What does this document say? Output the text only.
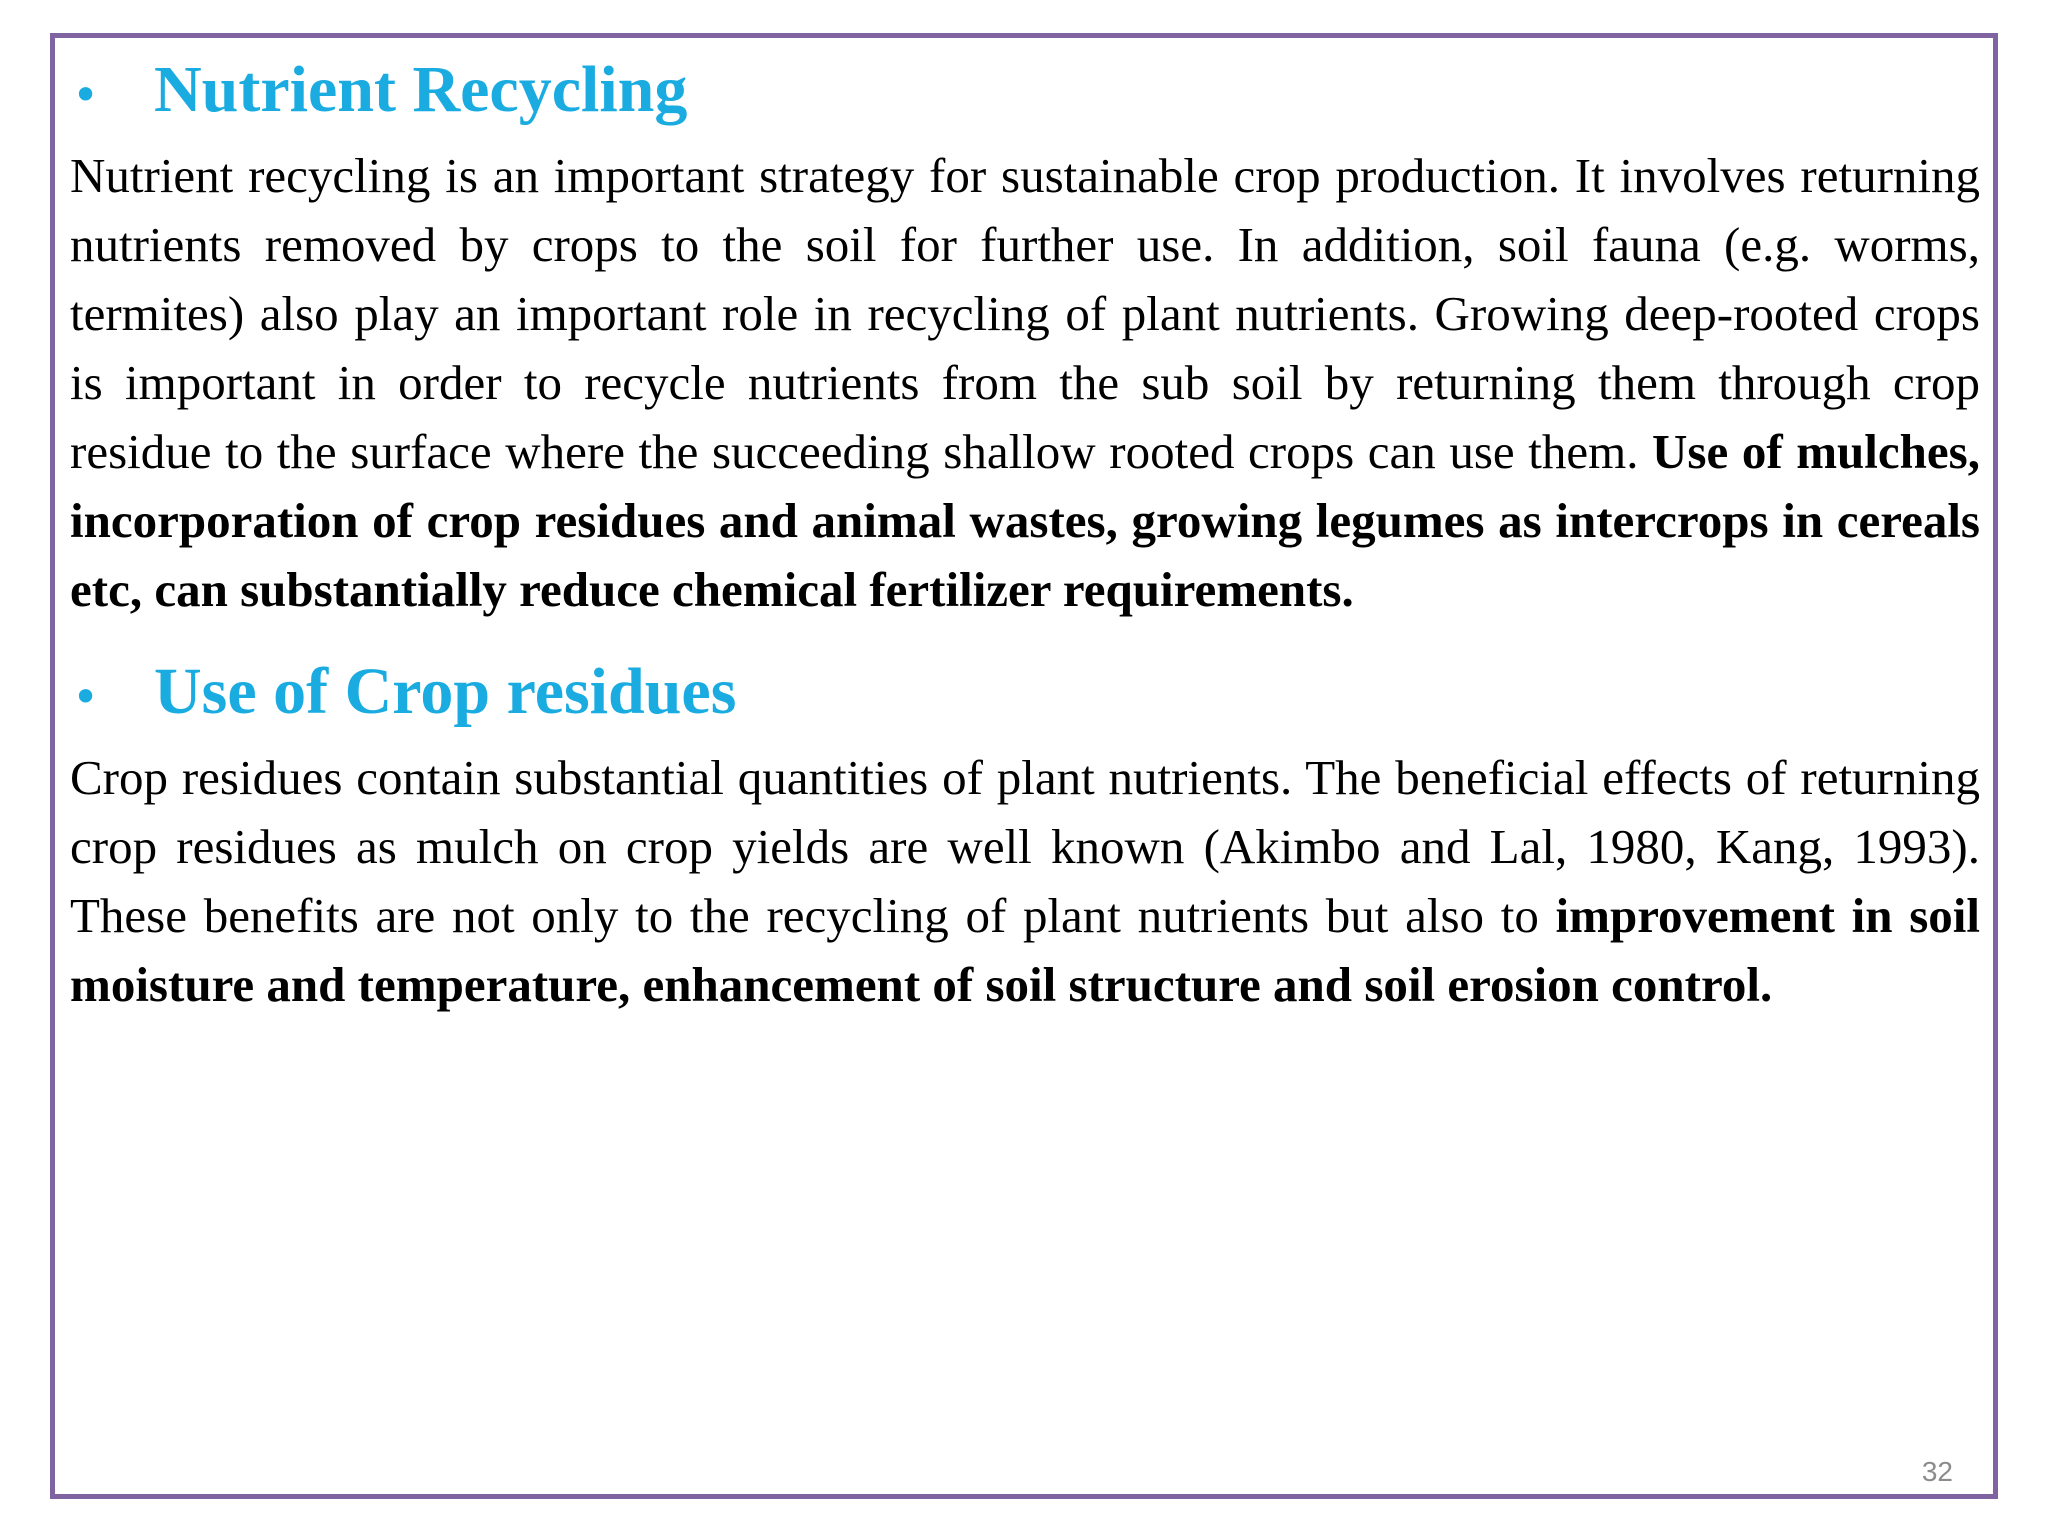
• Nutrient Recycling

Nutrient recycling is an important strategy for sustainable crop production. It involves returning nutrients removed by crops to the soil for further use. In addition, soil fauna (e.g. worms, termites) also play an important role in recycling of plant nutrients. Growing deep-rooted crops is important in order to recycle nutrients from the sub soil by returning them through crop residue to the surface where the succeeding shallow rooted crops can use them. Use of mulches, incorporation of crop residues and animal wastes, growing legumes as intercrops in cereals etc, can substantially reduce chemical fertilizer requirements.

• Use of Crop residues

Crop residues contain substantial quantities of plant nutrients. The beneficial effects of returning crop residues as mulch on crop yields are well known (Akimbo and Lal, 1980, Kang, 1993). These benefits are not only to the recycling of plant nutrients but also to improvement in soil moisture and temperature, enhancement of soil structure and soil erosion control.

32
